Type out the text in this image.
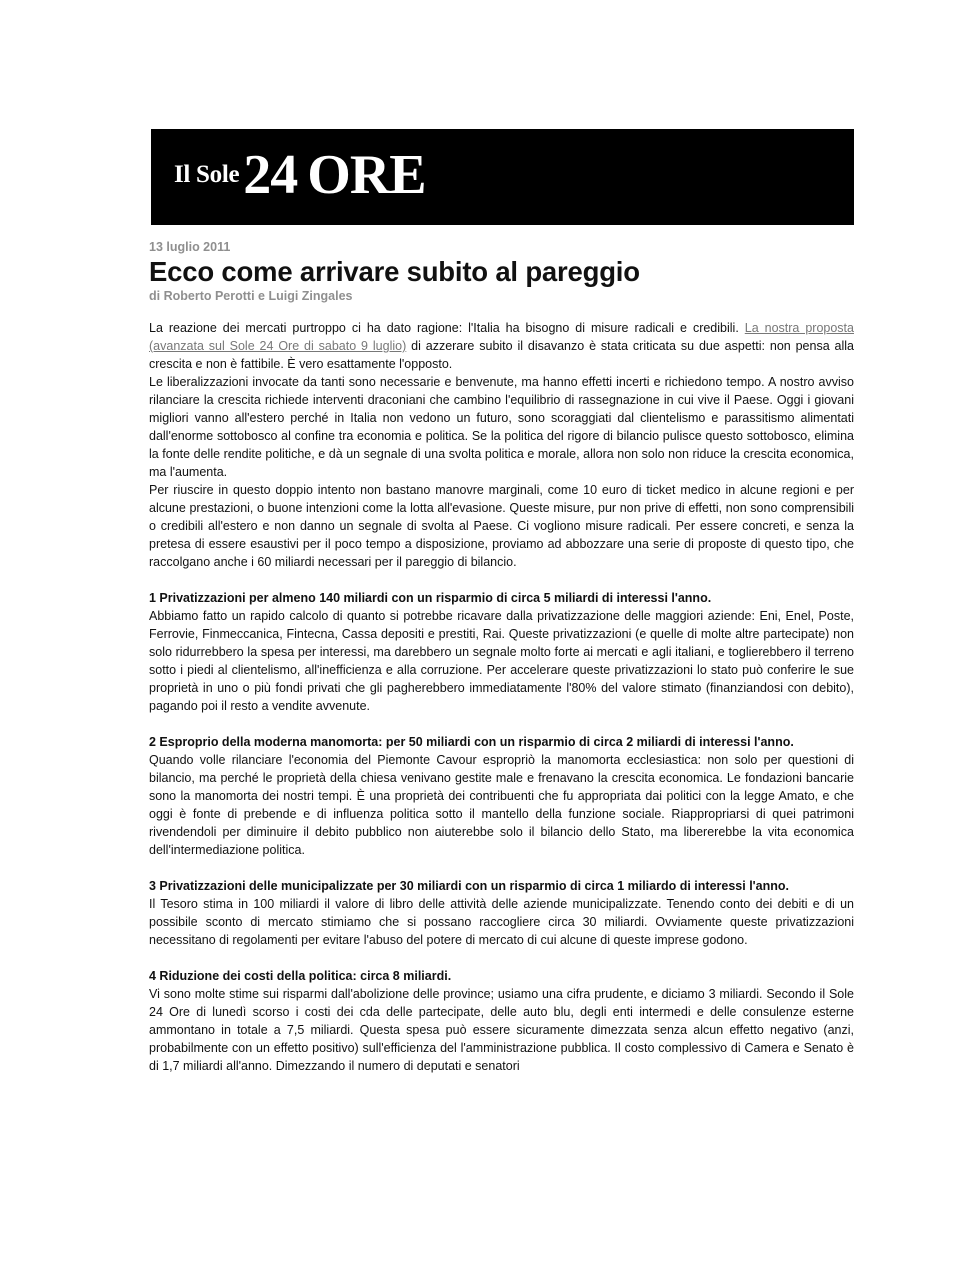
Il Sole24 ORE
13 luglio 2011
Ecco come arrivare subito al pareggio
di Roberto Perotti e Luigi Zingales

La reazione dei mercati purtroppo ci ha dato ragione: l'Italia ha bisogno di misure radicali e credibili. La nostra proposta (avanzata sul Sole 24 Ore di sabato 9 luglio) di azzerare subito il disavanzo è stata criticata su due aspetti: non pensa alla crescita e non è fattibile. È vero esattamente l'opposto.

Le liberalizzazioni invocate da tanti sono necessarie e benvenute, ma hanno effetti incerti e richiedono tempo. A nostro avviso rilanciare la crescita richiede interventi draconiani che cambino l'equilibrio di rassegnazione in cui vive il Paese. Oggi i giovani migliori vanno all'estero perché in Italia non vedono un futuro, sono scoraggiati dal clientelismo e parassitismo alimentati dall'enorme sottobosco al confine tra economia e politica. Se la politica del rigore di bilancio pulisce questo sottobosco, elimina la fonte delle rendite politiche, e dà un segnale di una svolta politica e morale, allora non solo non riduce la crescita economica, ma l'aumenta.

Per riuscire in questo doppio intento non bastano manovre marginali, come 10 euro di ticket medico in alcune regioni e per alcune prestazioni, o buone intenzioni come la lotta all'evasione. Queste misure, pur non prive di effetti, non sono comprensibili o credibili all'estero e non danno un segnale di svolta al Paese. Ci vogliono misure radicali. Per essere concreti, e senza la pretesa di essere esaustivi per il poco tempo a disposizione, proviamo ad abbozzare una serie di proposte di questo tipo, che raccolgano anche i 60 miliardi necessari per il pareggio di bilancio.

1 Privatizzazioni per almeno 140 miliardi con un risparmio di circa 5 miliardi di interessi l'anno.

Abbiamo fatto un rapido calcolo di quanto si potrebbe ricavare dalla privatizzazione delle maggiori aziende: Eni, Enel, Poste, Ferrovie, Finmeccanica, Fintecna, Cassa depositi e prestiti, Rai. Queste privatizzazioni (e quelle di molte altre partecipate) non solo ridurrebbero la spesa per interessi, ma darebbero un segnale molto forte ai mercati e agli italiani, e toglierebbero il terreno sotto i piedi al clientelismo, all'inefficienza e alla corruzione. Per accelerare queste privatizzazioni lo stato può conferire le sue proprietà in uno o più fondi privati che gli pagherebbero immediatamente l'80% del valore stimato (finanziandosi con debito), pagando poi il resto a vendite avvenute.

2 Esproprio della moderna manomorta: per 50 miliardi con un risparmio di circa 2 miliardi di interessi l'anno.

Quando volle rilanciare l'economia del Piemonte Cavour espropriò la manomorta ecclesiastica: non solo per questioni di bilancio, ma perché le proprietà della chiesa venivano gestite male e frenavano la crescita economica. Le fondazioni bancarie sono la manomorta dei nostri tempi. È una proprietà dei contribuenti che fu appropriata dai politici con la legge Amato, e che oggi è fonte di prebende e di influenza politica sotto il mantello della funzione sociale. Riappropriarsi di quei patrimoni rivendendoli per diminuire il debito pubblico non aiuterebbe solo il bilancio dello Stato, ma libererebbe la vita economica dell'intermediazione politica.

3 Privatizzazioni delle municipalizzate per 30 miliardi con un risparmio di circa 1 miliardo di interessi l'anno.

Il Tesoro stima in 100 miliardi il valore di libro delle attività delle aziende municipalizzate. Tenendo conto dei debiti e di un possibile sconto di mercato stimiamo che si possano raccogliere circa 30 miliardi. Ovviamente queste privatizzazioni necessitano di regolamenti per evitare l'abuso del potere di mercato di cui alcune di queste imprese godono.

4 Riduzione dei costi della politica: circa 8 miliardi.

Vi sono molte stime sui risparmi dall'abolizione delle province; usiamo una cifra prudente, e diciamo 3 miliardi. Secondo il Sole 24 Ore di lunedì scorso i costi dei cda delle partecipate, delle auto blu, degli enti intermedi e delle consulenze esterne ammontano in totale a 7,5 miliardi. Questa spesa può essere sicuramente dimezzata senza alcun effetto negativo (anzi, probabilmente con un effetto positivo) sull'efficienza del l'amministrazione pubblica. Il costo complessivo di Camera e Senato è di 1,7 miliardi all'anno. Dimezzando il numero di deputati e senatori
